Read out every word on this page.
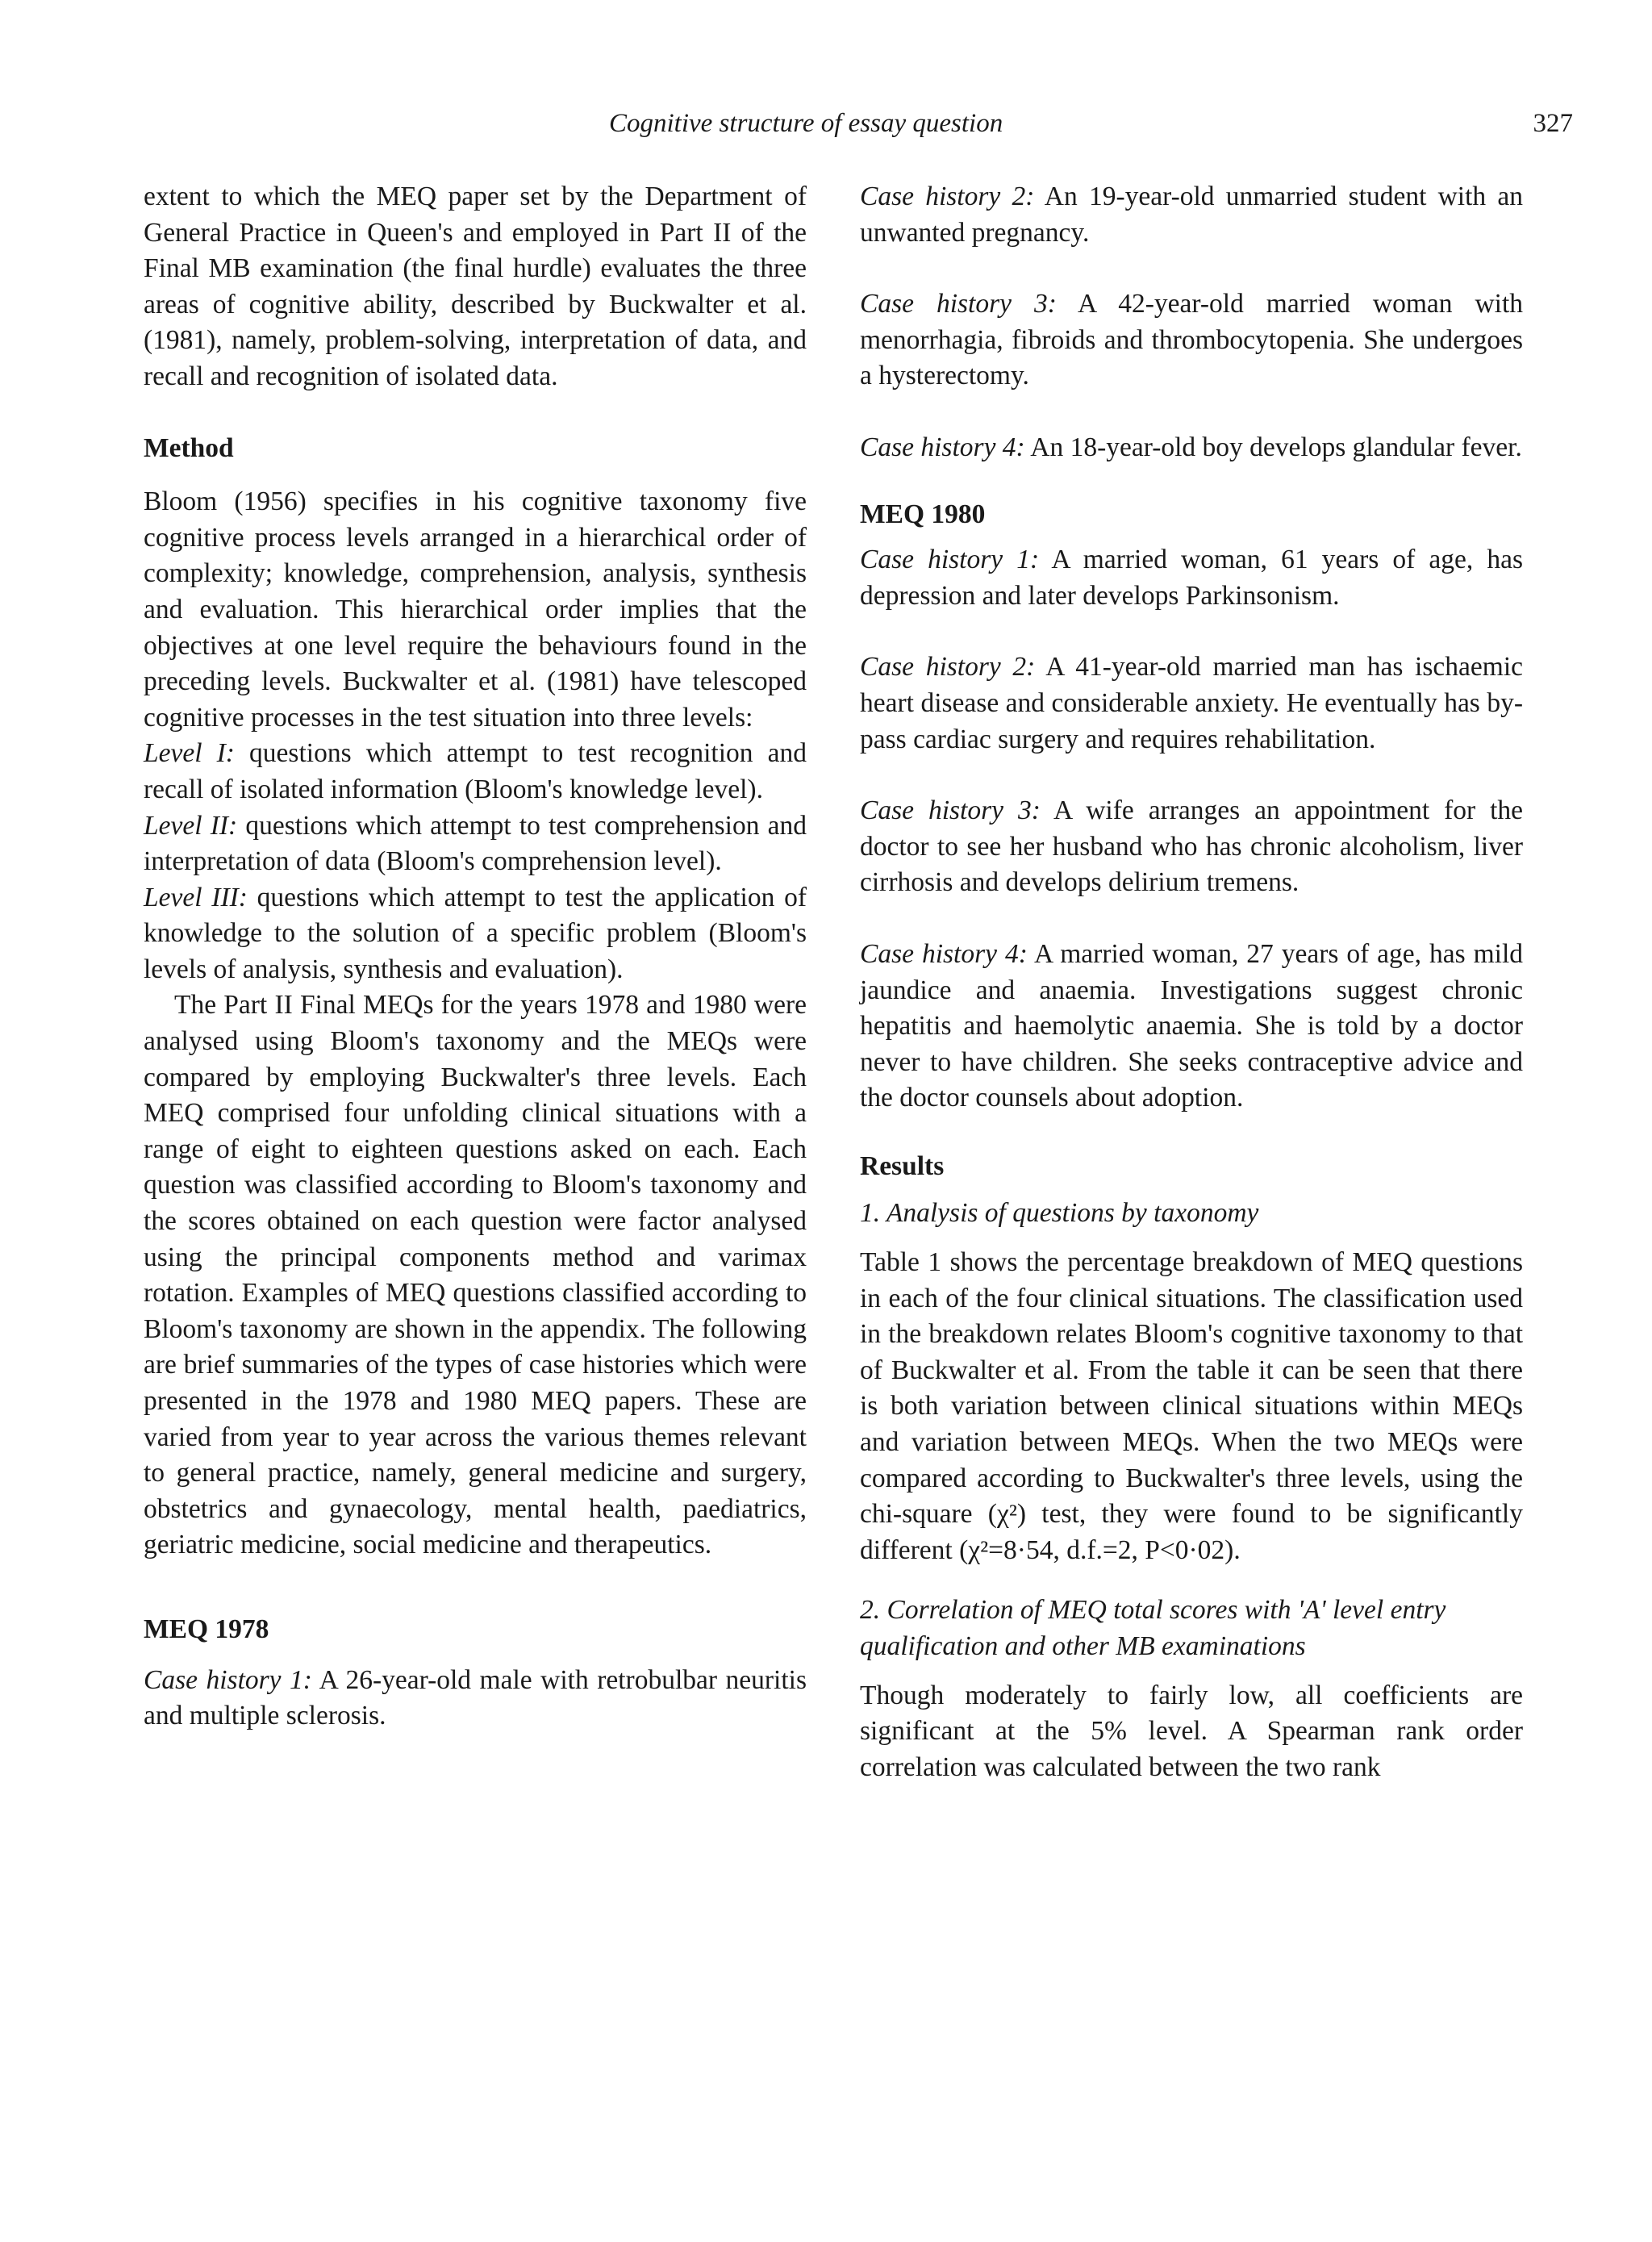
Cognitive structure of essay question	327

extent to which the MEQ paper set by the Department of General Practice in Queen's and employed in Part II of the Final MB examination (the final hurdle) evaluates the three areas of cognitive ability, described by Buckwalter et al. (1981), namely, problem-solving, interpretation of data, and recall and recognition of isolated data.

Method

Bloom (1956) specifies in his cognitive taxonomy five cognitive process levels arranged in a hierarchical order of complexity; knowledge, comprehension, analysis, synthesis and evaluation. This hierarchical order implies that the objectives at one level require the behaviours found in the preceding levels. Buckwalter et al. (1981) have telescoped cognitive processes in the test situation into three levels:

Level I: questions which attempt to test recognition and recall of isolated information (Bloom's knowledge level).

Level II: questions which attempt to test comprehension and interpretation of data (Bloom's comprehension level).

Level III: questions which attempt to test the application of knowledge to the solution of a specific problem (Bloom's levels of analysis, synthesis and evaluation).

The Part II Final MEQs for the years 1978 and 1980 were analysed using Bloom's taxonomy and the MEQs were compared by employing Buckwalter's three levels. Each MEQ comprised four unfolding clinical situations with a range of eight to eighteen questions asked on each. Each question was classified according to Bloom's taxonomy and the scores obtained on each question were factor analysed using the principal components method and varimax rotation. Examples of MEQ questions classified according to Bloom's taxonomy are shown in the appendix. The following are brief summaries of the types of case histories which were presented in the 1978 and 1980 MEQ papers. These are varied from year to year across the various themes relevant to general practice, namely, general medicine and surgery, obstetrics and gynaecology, mental health, paediatrics, geriatric medicine, social medicine and therapeutics.

MEQ 1978

Case history 1: A 26-year-old male with retrobulbar neuritis and multiple sclerosis.

Case history 2: An 19-year-old unmarried student with an unwanted pregnancy.

Case history 3: A 42-year-old married woman with menorrhagia, fibroids and thrombocytopenia. She undergoes a hysterectomy.

Case history 4: An 18-year-old boy develops glandular fever.

MEQ 1980

Case history 1: A married woman, 61 years of age, has depression and later develops Parkinsonism.

Case history 2: A 41-year-old married man has ischaemic heart disease and considerable anxiety. He eventually has by-pass cardiac surgery and requires rehabilitation.

Case history 3: A wife arranges an appointment for the doctor to see her husband who has chronic alcoholism, liver cirrhosis and develops delirium tremens.

Case history 4: A married woman, 27 years of age, has mild jaundice and anaemia. Investigations suggest chronic hepatitis and haemolytic anaemia. She is told by a doctor never to have children. She seeks contraceptive advice and the doctor counsels about adoption.

Results

1. Analysis of questions by taxonomy

Table 1 shows the percentage breakdown of MEQ questions in each of the four clinical situations. The classification used in the breakdown relates Bloom's cognitive taxonomy to that of Buckwalter et al. From the table it can be seen that there is both variation between clinical situations within MEQs and variation between MEQs. When the two MEQs were compared according to Buckwalter's three levels, using the chi-square (χ²) test, they were found to be significantly different (χ²=8·54, d.f.=2, P<0·02).

2. Correlation of MEQ total scores with 'A' level entry qualification and other MB examinations

Though moderately to fairly low, all coefficients are significant at the 5% level. A Spearman rank order correlation was calculated between the two rank
